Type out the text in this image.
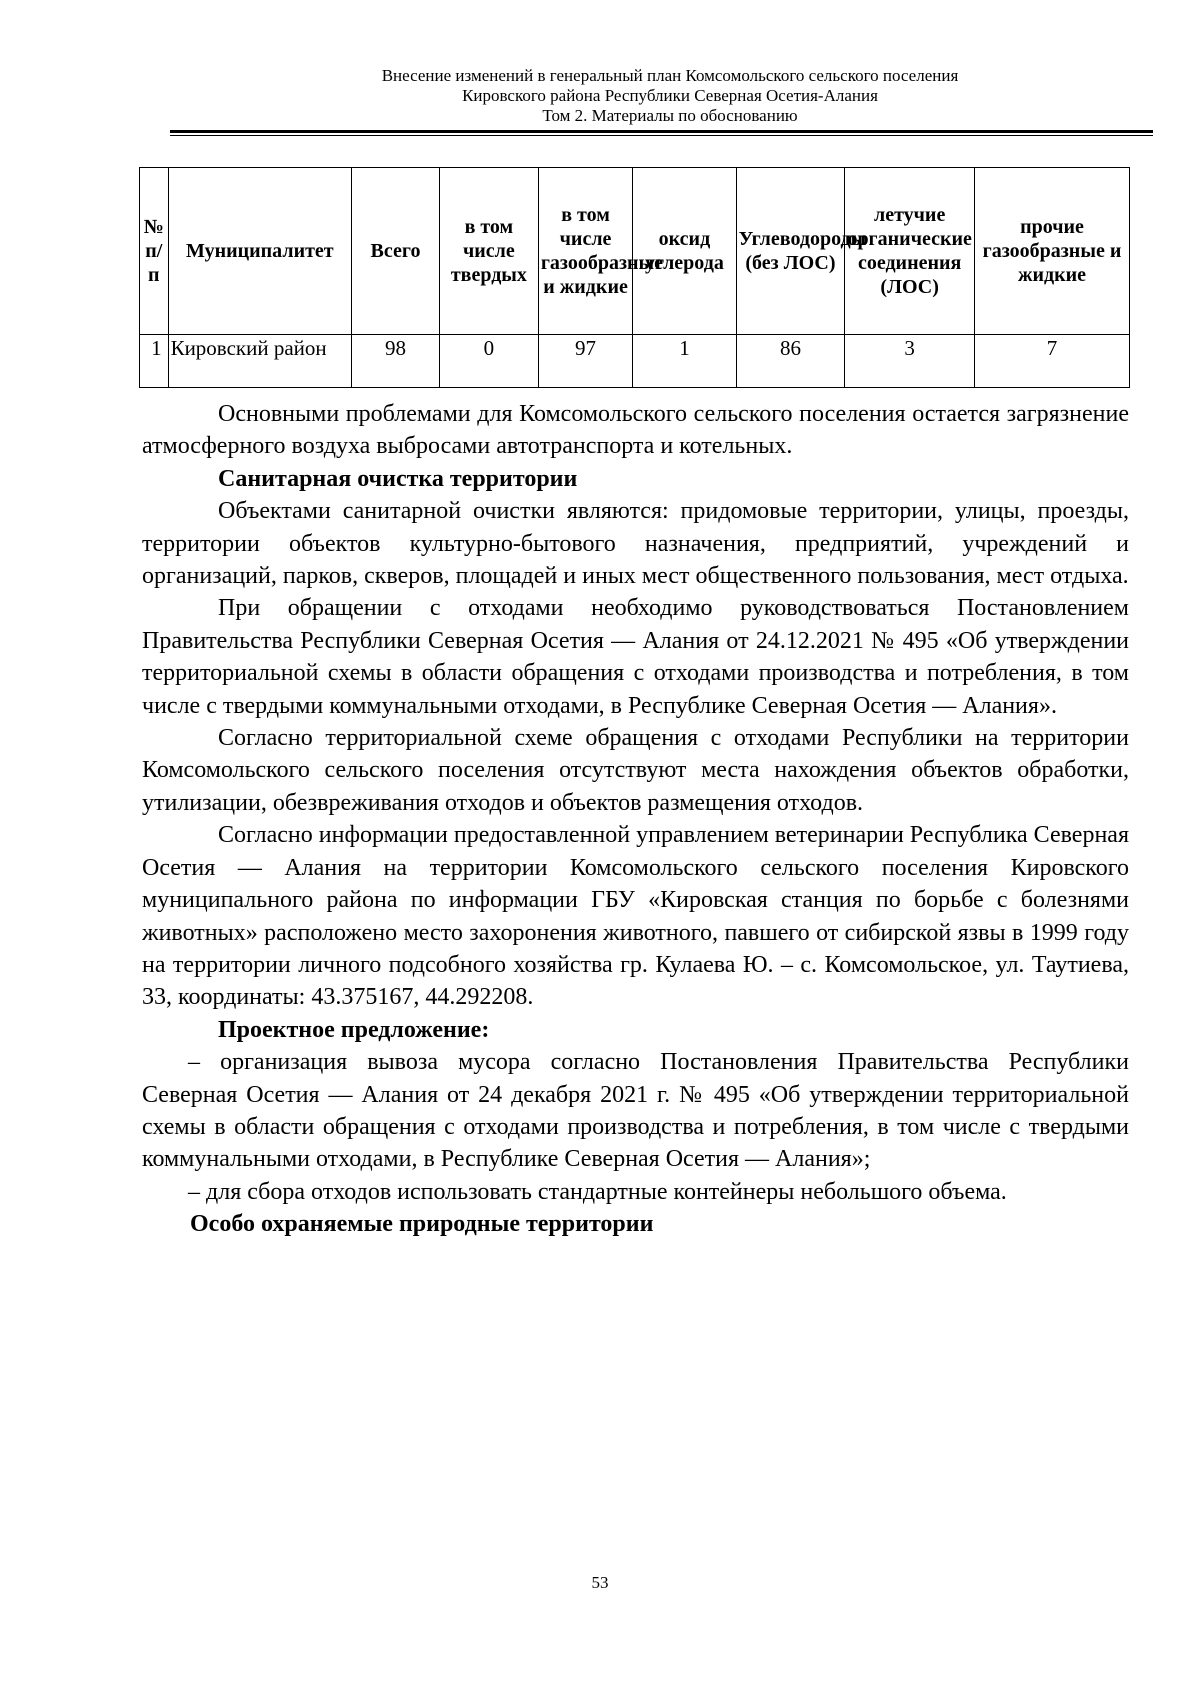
Внесение изменений в генеральный план Комсомольского сельского поселения
Кировского района Республики Северная Осетия-Алания
Том 2. Материалы по обоснованию
№ п/п	Муниципалитет	Всего	в том числе твердых	в том числе газообразные и жидкие	оксид углерода	Углеводороды (без ЛОС)	летучие органические соединения (ЛОС)	прочие газообразные и жидкие
1	Кировский район	98	0	97	1	86	3	7

Основными проблемами для Комсомольского сельского поселения остается загрязнение атмосферного воздуха выбросами автотранспорта и котельных.

Санитарная очистка территории

Объектами санитарной очистки являются: придомовые территории, улицы, проезды, территории объектов культурно-бытового назначения, предприятий, учреждений и организаций, парков, скверов, площадей и иных мест общественного пользования, мест отдыха.

При обращении с отходами необходимо руководствоваться Постановлением Правительства Республики Северная Осетия — Алания от 24.12.2021 № 495 «Об утверждении территориальной схемы в области обращения с отходами производства и потребления, в том числе с твердыми коммунальными отходами, в Республике Северная Осетия — Алания».

Согласно территориальной схеме обращения с отходами Республики на территории Комсомольского сельского поселения отсутствуют места нахождения объектов обработки, утилизации, обезвреживания отходов и объектов размещения отходов.

Согласно информации предоставленной управлением ветеринарии Республика Северная Осетия — Алания на территории Комсомольского сельского поселения Кировского муниципального района по информации ГБУ «Кировская станция по борьбе с болезнями животных» расположено место захоронения животного, павшего от сибирской язвы в 1999 году на территории личного подсобного хозяйства гр. Кулаева Ю. – с. Комсомольское, ул. Таутиева, 33, координаты: 43.375167, 44.292208.

Проектное предложение:

– организация вывоза мусора согласно Постановления Правительства Республики Северная Осетия — Алания от 24 декабря 2021 г. № 495 «Об утверждении территориальной схемы в области обращения с отходами производства и потребления, в том числе с твердыми коммунальными отходами, в Республике Северная Осетия — Алания»;

– для сбора отходов использовать стандартные контейнеры небольшого объема.

Особо охраняемые природные территории

53
